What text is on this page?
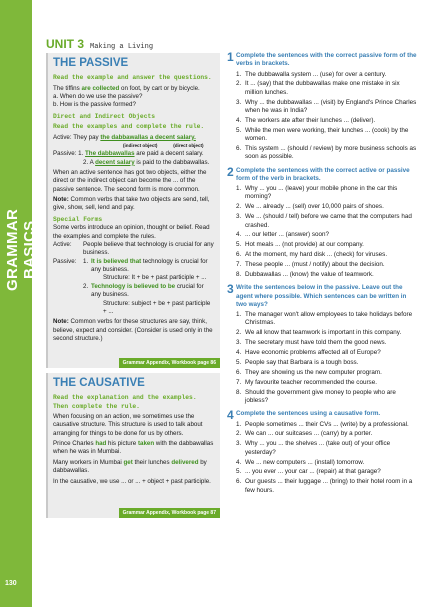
GRAMMAR BASICS
130
UNIT 3 Making a Living
THE PASSIVE
Read the example and answer the questions.
The tiffins are collected on foot, by cart or by bicycle.
a. When do we use the passive?
b. How is the passive formed?
Direct and Indirect Objects
Read the examples and complete the rule.
Active: They pay the dabbawallas a decent salary.
(indirect object)	(direct object)
Passive: 1. The dabbawallas are paid a decent salary.
2. A decent salary is paid to the dabbawallas.
When an active sentence has got two objects, either the direct or the indirect object can become the ... of the passive sentence. The second form is more common.
Note: Common verbs that take two objects are send, tell, give, show, sell, lend and pay.
Special Forms
Some verbs introduce an opinion, thought or belief. Read the examples and complete the rules.
Active:	People believe that technology is crucial for any business.
Passive:	1. It is believed that technology is crucial for any business.
Structure: It + be + past participle + ...
2. Technology is believed to be crucial for any business.
Structure: subject + be + past participle + ...
Note: Common verbs for these structures are say, think, believe, expect and consider. (Consider is used only in the second structure.)
Grammar Appendix, Workbook page 86
THE CAUSATIVE
Read the explanation and the examples. Then complete the rule.
When focusing on an action, we sometimes use the causative structure. This structure is used to talk about arranging for things to be done for us by others.
Prince Charles had his picture taken with the dabbawallas when he was in Mumbai.
Many workers in Mumbai get their lunches delivered by dabbawallas.
In the causative, we use ... or ... + object + past participle.
Grammar Appendix, Workbook page 87
1 Complete the sentences with the correct passive form of the verbs in brackets.
1. The dubbawalla system ... (use) for over a century.
2. It ... (say) that the dubbawallas make one mistake in six million lunches.
3. Why ... the dubbawallas ... (visit) by England's Prince Charles when he was in India?
4. The workers ate after their lunches ... (deliver).
5. While the men were working, their lunches ... (cook) by the women.
6. This system ... (should / review) by more business schools as soon as possible.
2 Complete the sentences with the correct active or passive form of the verb in brackets.
1. Why ... you ... (leave) your mobile phone in the car this morning?
2. We ... already ... (sell) over 10,000 pairs of shoes.
3. We ... (should / tell) before we came that the computers had crashed.
4. ... our letter ... (answer) soon?
5. Hot meals ... (not provide) at our company.
6. At the moment, my hard disk ... (check) for viruses.
7. These people ... (must / notify) about the decision.
8. Dubbawallas ... (know) the value of teamwork.
3 Write the sentences below in the passive. Leave out the agent where possible. Which sentences can be written in two ways?
1. The manager won't allow employees to take holidays before Christmas.
2. We all know that teamwork is important in this company.
3. The secretary must have told them the good news.
4. Have economic problems affected all of Europe?
5. People say that Barbara is a tough boss.
6. They are showing us the new computer program.
7. My favourite teacher recommended the course.
8. Should the government give money to people who are jobless?
4 Complete the sentences using a causative form.
1. People sometimes ... their CVs ... (write) by a professional.
2. We can ... our suitcases ... (carry) by a porter.
3. Why ... you ... the shelves ... (take out) of your office yesterday?
4. We ... new computers ... (install) tomorrow.
5. ... you ever ... your car ... (repair) at that garage?
6. Our guests ... their luggage ... (bring) to their hotel room in a few hours.
